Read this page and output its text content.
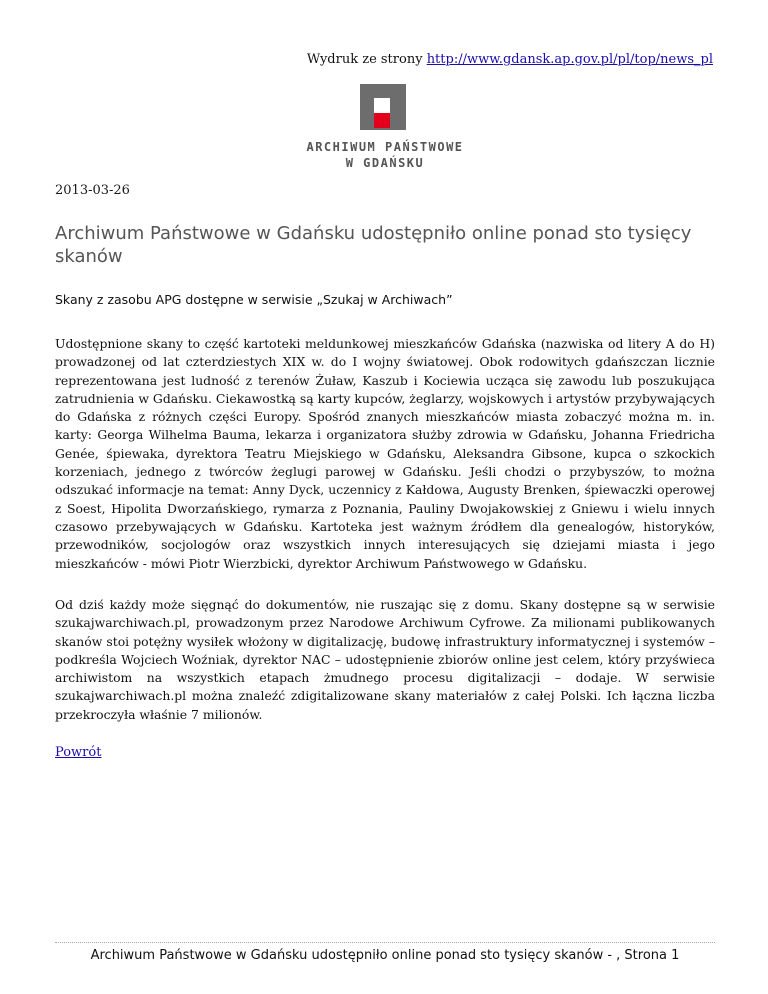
Wydruk ze strony http://www.gdansk.ap.gov.pl/pl/top/news_pl
ARCHIWUM PAŃSTWOWE
W GDAŃSKU
2013-03-26
Archiwum Państwowe w Gdańsku udostępniło online ponad sto tysięcy skanów

Skany z zasobu APG dostępne w serwisie „Szukaj w Archiwach”

Udostępnione skany to część kartoteki meldunkowej mieszkańców Gdańska (nazwiska od litery A do H) prowadzonej od lat czterdziestych XIX w. do I wojny światowej. Obok rodowitych gdańszczan licznie reprezentowana jest ludność z terenów Żuław, Kaszub i Kociewia ucząca się zawodu lub poszukująca zatrudnienia w Gdańsku. Ciekawostką są karty kupców, żeglarzy, wojskowych i artystów przybywających do Gdańska z różnych części Europy. Spośród znanych mieszkańców miasta zobaczyć można m. in. karty: Georga Wilhelma Bauma, lekarza i organizatora służby zdrowia w Gdańsku, Johanna Friedricha Genée, śpiewaka, dyrektora Teatru Miejskiego w Gdańsku, Aleksandra Gibsone, kupca o szkockich korzeniach, jednego z twórców żeglugi parowej w Gdańsku. Jeśli chodzi o przybyszów, to można odszukać informacje na temat: Anny Dyck, uczennicy z Kałdowa, Augusty Brenken, śpiewaczki operowej z Soest, Hipolita Dworzańskiego, rymarza z Poznania, Pauliny Dwojakowskiej z Gniewu i wielu innych czasowo przebywających w Gdańsku. Kartoteka jest ważnym źródłem dla genealogów, historyków, przewodników, socjologów oraz wszystkich innych interesujących się dziejami miasta i jego mieszkańców - mówi Piotr Wierzbicki, dyrektor Archiwum Państwowego w Gdańsku.

Od dziś każdy może sięgnąć do dokumentów, nie ruszając się z domu. Skany dostępne są w serwisie szukajwarchiwach.pl, prowadzonym przez Narodowe Archiwum Cyfrowe. Za milionami publikowanych skanów stoi potężny wysiłek włożony w digitalizację, budowę infrastruktury informatycznej i systemów – podkreśla Wojciech Woźniak, dyrektor NAC – udostępnienie zbiorów online jest celem, który przyświeca archiwistom na wszystkich etapach żmudnego procesu digitalizacji – dodaje. W serwisie szukajwarchiwach.pl można znaleźć zdigitalizowane skany materiałów z całej Polski. Ich łączna liczba przekroczyła właśnie 7 milionów.

Powrót
Archiwum Państwowe w Gdańsku udostępniło online ponad sto tysięcy skanów - , Strona 1
